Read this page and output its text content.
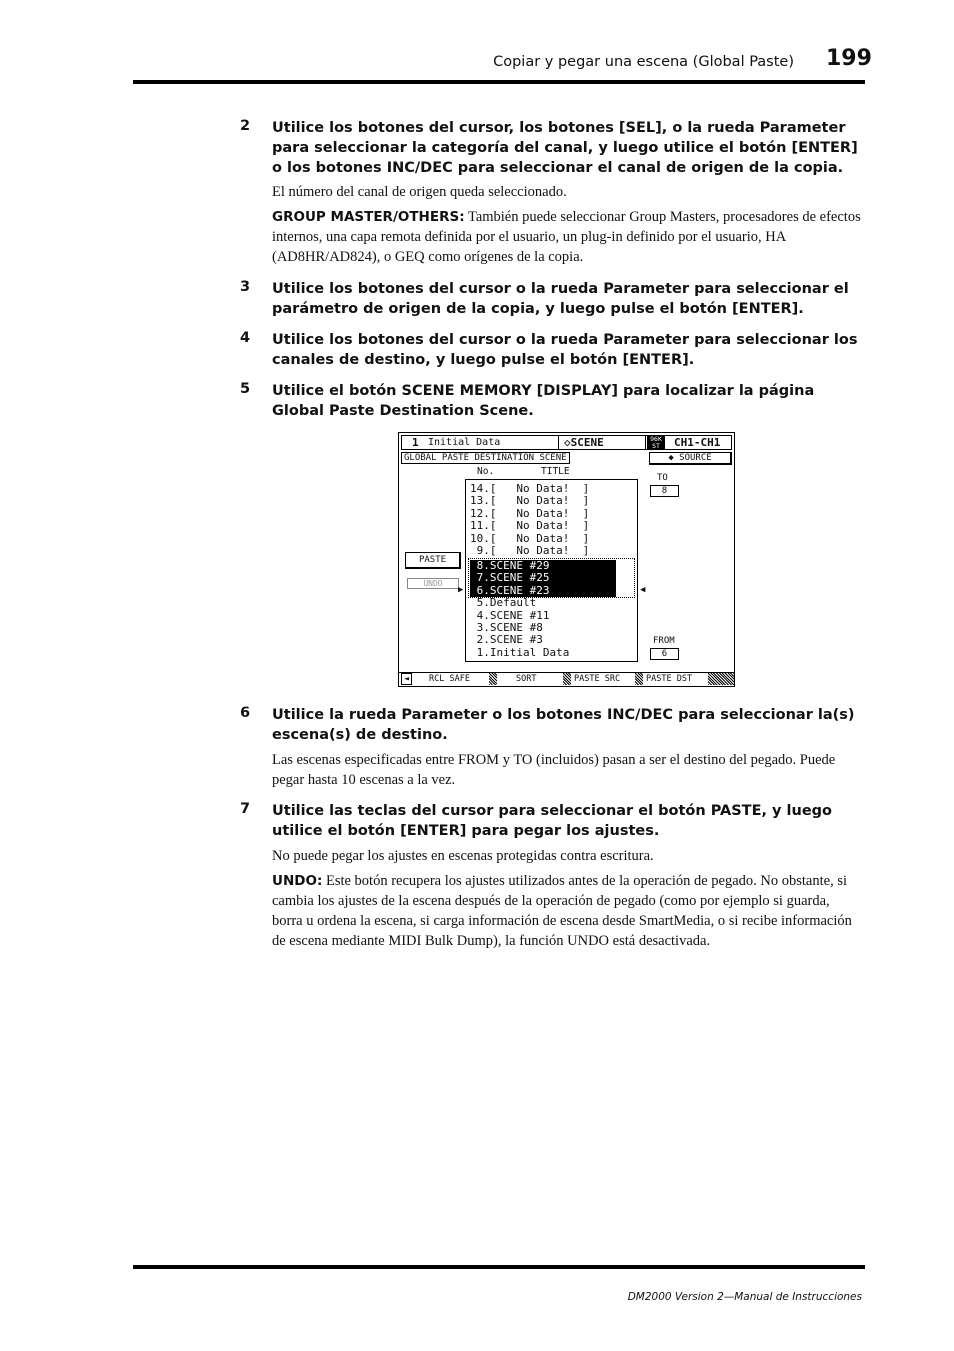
Copiar y pegar una escena (Global Paste) 199
2 Utilice los botones del cursor, los botones [SEL], o la rueda Parameter para seleccionar la categoría del canal, y luego utilice el botón [ENTER] o los botones INC/DEC para seleccionar el canal de origen de la copia.
El número del canal de origen queda seleccionado.
GROUP MASTER/OTHERS: También puede seleccionar Group Masters, procesadores de efectos internos, una capa remota definida por el usuario, un plug-in definido por el usuario, HA (AD8HR/AD824), o GEQ como orígenes de la copia.
3 Utilice los botones del cursor o la rueda Parameter para seleccionar el parámetro de origen de la copia, y luego pulse el botón [ENTER].
4 Utilice los botones del cursor o la rueda Parameter para seleccionar los canales de destino, y luego pulse el botón [ENTER].
5 Utilice el botón SCENE MEMORY [DISPLAY] para localizar la página Global Paste Destination Scene.
1 Initial Data	◇SCENE	96K
ST	CH1-CH1
GLOBAL PASTE DESTINATION SCENE	◆ SOURCE
No.	TITLE
14.[   No Data!  ]
13.[   No Data!  ]
12.[   No Data!  ]
11.[   No Data!  ]
10.[   No Data!  ]
9.[   No Data!  ]
8.SCENE #29
7.SCENE #25
6.SCENE #23
5.Default
4.SCENE #11
3.SCENE #8
2.SCENE #3
1.Initial Data
PASTE
UNDO
▶	◀
TO
8
FROM
6
◄	RCL SAFE	SORT	PASTE SRC	PASTE DST
6 Utilice la rueda Parameter o los botones INC/DEC para seleccionar la(s) escena(s) de destino.
Las escenas especificadas entre FROM y TO (incluidos) pasan a ser el destino del pegado. Puede pegar hasta 10 escenas a la vez.
7 Utilice las teclas del cursor para seleccionar el botón PASTE, y luego utilice el botón [ENTER] para pegar los ajustes.
No puede pegar los ajustes en escenas protegidas contra escritura.
UNDO: Este botón recupera los ajustes utilizados antes de la operación de pegado. No obstante, si cambia los ajustes de la escena después de la operación de pegado (como por ejemplo si guarda, borra u ordena la escena, si carga información de escena desde SmartMedia, o si recibe información de escena mediante MIDI Bulk Dump), la función UNDO está desactivada.
DM2000 Version 2—Manual de Instrucciones
